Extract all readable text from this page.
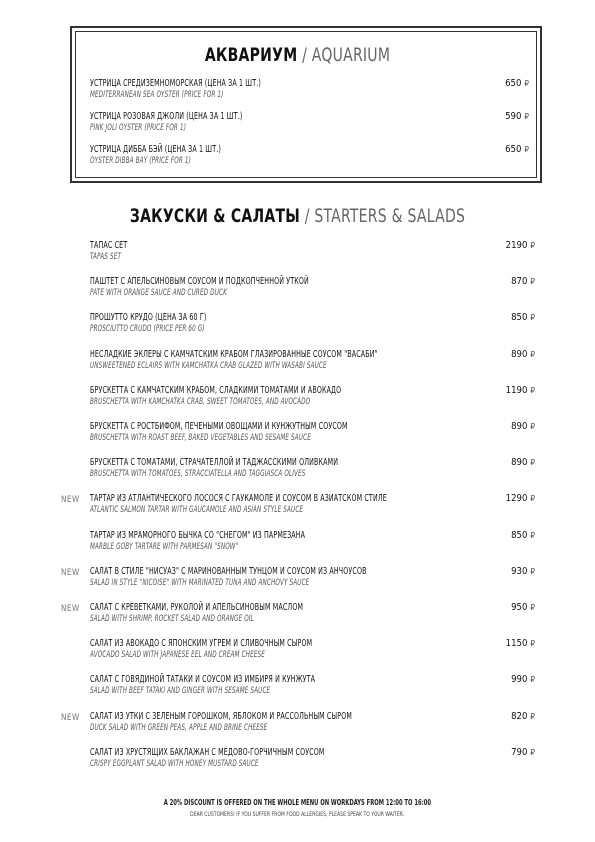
АКВАРИУМ / AQUARIUM
УСТРИЦА СРЕДИЗЕМНОМОРСКАЯ (ЦЕНА ЗА 1 ШТ.)
MEDITERRANEAN SEA OYSTER (PRICE FOR 1)
650 ₽
УСТРИЦА РОЗОВАЯ ДЖОЛИ (ЦЕНА ЗА 1 ШТ.)
PINK JOLI OYSTER (PRICE FOR 1)
590 ₽
УСТРИЦА ДИББА БЭЙ (ЦЕНА ЗА 1 ШТ.)
OYSTER DIBBA BAY (PRICE FOR 1)
650 ₽
ЗАКУСКИ & САЛАТЫ / STARTERS & SALADS
ТАПАС СЕТ
TAPAS SET
2190 ₽
ПАШТЕТ С АПЕЛЬСИНОВЫМ СОУСОМ И ПОДКОПЧЕННОЙ УТКОЙ
PATE WITH ORANGE SAUCE AND CURED DUCK
870 ₽
ПРОШУТТО КРУДО (ЦЕНА ЗА 60 Г)
PROSCIUTTO CRUDO (PRICE PER 60 G)
850 ₽
НЕСЛАДКИЕ ЭКЛЕРЫ С КАМЧАТСКИМ КРАБОМ ГЛАЗИРОВАННЫЕ СОУСОМ "ВАСАБИ"
UNSWEETENED ECLAIRS WITH KAMCHATKA CRAB GLAZED WITH WASABI SAUCE
890 ₽
БРУСКЕТТА С КАМЧАТСКИМ КРАБОМ, СЛАДКИМИ ТОМАТАМИ И АВОКАДО
BRUSCHETTA WITH KAMCHATKA CRAB, SWEET TOMATOES, AND AVOCADO
1190 ₽
БРУСКЕТТА С РОСТБИФОМ, ПЕЧЕНЫМИ ОВОЩАМИ И КУНЖУТНЫМ СОУСОМ
BRUSCHETTA WITH ROAST BEEF, BAKED VEGETABLES AND SESAME SAUCE
890 ₽
БРУСКЕТТА С ТОМАТАМИ, СТРАЧАТЕЛЛОЙ И ТАДЖАССКИМИ ОЛИВКАМИ
BRUSCHETTA WITH TOMATOES, STRACCIATELLA AND TAGGIASCA OLIVES
890 ₽
ТАРТАР ИЗ АТЛАНТИЧЕСКОГО ЛОСОСЯ С ГАУКАМОЛЕ И СОУСОМ В АЗИАТСКОМ СТИЛЕ
ATLANTIC SALMON TARTAR WITH GAUCAMOLE AND ASIAN STYLE SAUCE
1290 ₽
NEW
ТАРТАР ИЗ МРАМОРНОГО БЫЧКА СО "СНЕГОМ" ИЗ ПАРМЕЗАНА
MARBLE GOBY TARTARE WITH PARMESAN "SNOW"
850 ₽
САЛАТ В СТИЛЕ "НИСУАЗ" С МАРИНОВАННЫМ ТУНЦОМ И СОУСОМ ИЗ АНЧОУСОВ
SALAD IN STYLE "NICOISE" WITH MARINATED TUNA AND ANCHOVY SAUCE
930 ₽
NEW
САЛАТ С КРЕВЕТКАМИ, РУКОЛОЙ И АПЕЛЬСИНОВЫМ МАСЛОМ
SALAD WITH SHRIMP, ROCKET SALAD AND ORANGE OIL
950 ₽
NEW
САЛАТ ИЗ АВОКАДО С ЯПОНСКИМ УГРЕМ И СЛИВОЧНЫМ СЫРОМ
AVOCADO SALAD WITH JAPANESE EEL AND CREAM CHEESE
1150 ₽
САЛАТ С ГОВЯДИНОЙ ТАТАКИ И СОУСОМ ИЗ ИМБИРЯ И КУНЖУТА
SALAD WITH BEEF TATAKI AND GINGER WITH SESAME SAUCE
990 ₽
САЛАТ ИЗ УТКИ С ЗЕЛЕНЫМ ГОРОШКОМ, ЯБЛОКОМ И РАССОЛЬНЫМ СЫРОМ
DUCK SALAD WITH GREEN PEAS, APPLE AND BRINE CHEESE
820 ₽
NEW
САЛАТ ИЗ ХРУСТЯЩИХ БАКЛАЖАН С МЕДОВО-ГОРЧИЧНЫМ СОУСОМ
CRISPY EGGPLANT SALAD WITH HONEY MUSTARD SAUCE
790 ₽
A 20% DISCOUNT IS OFFERED ON THE WHOLE MENU ON WORKDAYS FROM 12:00 TO 16:00
DEAR CUSTOMERS! IF YOU SUFFER FROM FOOD ALLERGIES, PLEASE SPEAK TO YOUR WAITER.
